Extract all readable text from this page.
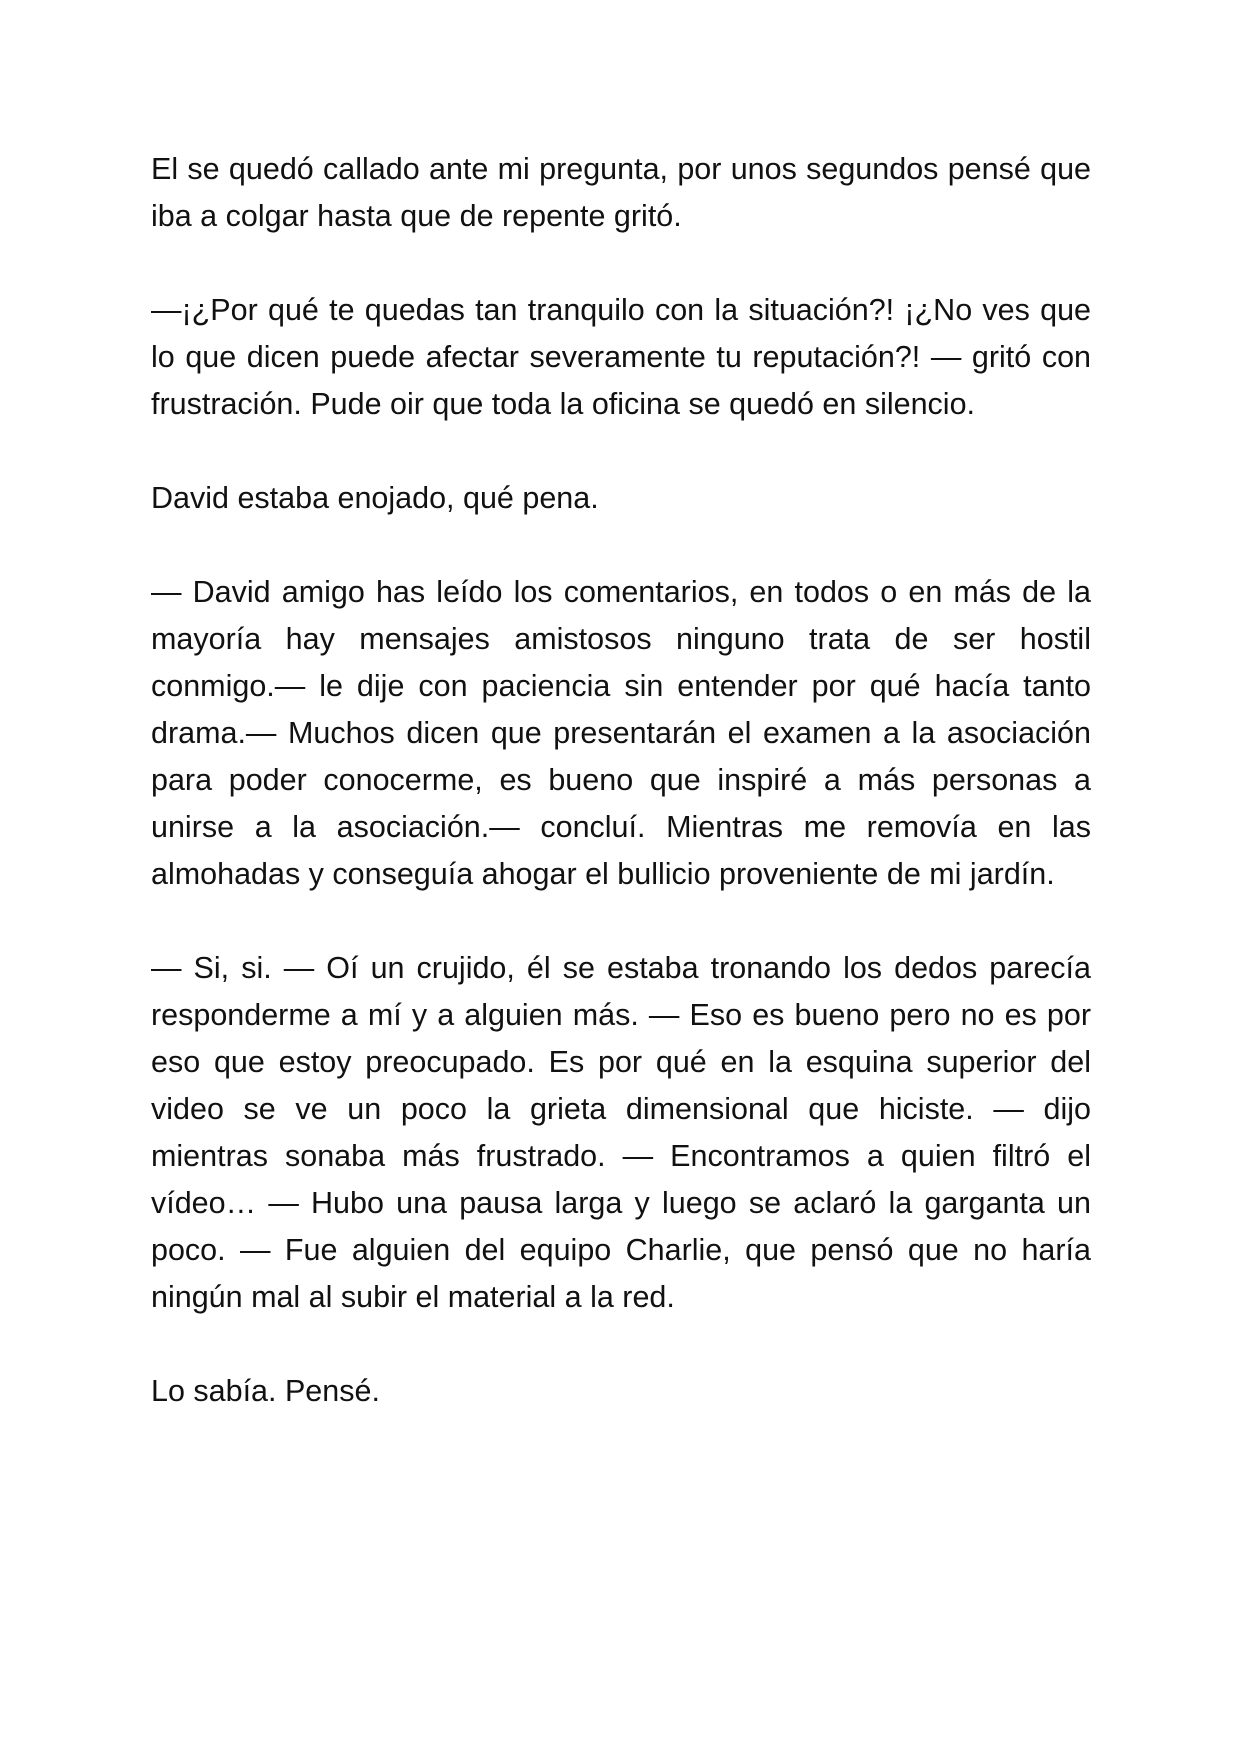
El se quedó callado ante mi pregunta, por unos segundos pensé que iba a colgar hasta que de repente gritó.

—¡¿Por qué te quedas tan tranquilo con la situación?! ¡¿No ves que lo que dicen puede afectar severamente tu reputación?! — gritó con frustración. Pude oir que toda la oficina se quedó en silencio.

David estaba enojado, qué pena.

— David amigo has leído los comentarios, en todos o en más de la mayoría hay mensajes amistosos ninguno trata de ser hostil conmigo.— le dije con paciencia sin entender por qué hacía tanto drama.— Muchos dicen que presentarán el examen a la asociación para poder conocerme, es bueno que inspiré a más personas a unirse a la asociación.— concluí. Mientras me removía en las almohadas y conseguía ahogar el bullicio proveniente de mi jardín.

— Si, si. — Oí un crujido, él se estaba tronando los dedos parecía responderme a mí y a alguien más. — Eso es bueno pero no es por eso que estoy preocupado. Es por qué en la esquina superior del video se ve un poco la grieta dimensional que hiciste. — dijo mientras sonaba más frustrado. — Encontramos a quien filtró el vídeo… — Hubo una pausa larga y luego se aclaró la garganta un poco. — Fue alguien del equipo Charlie, que pensó que no haría ningún mal al subir el material a la red.

Lo sabía. Pensé.
